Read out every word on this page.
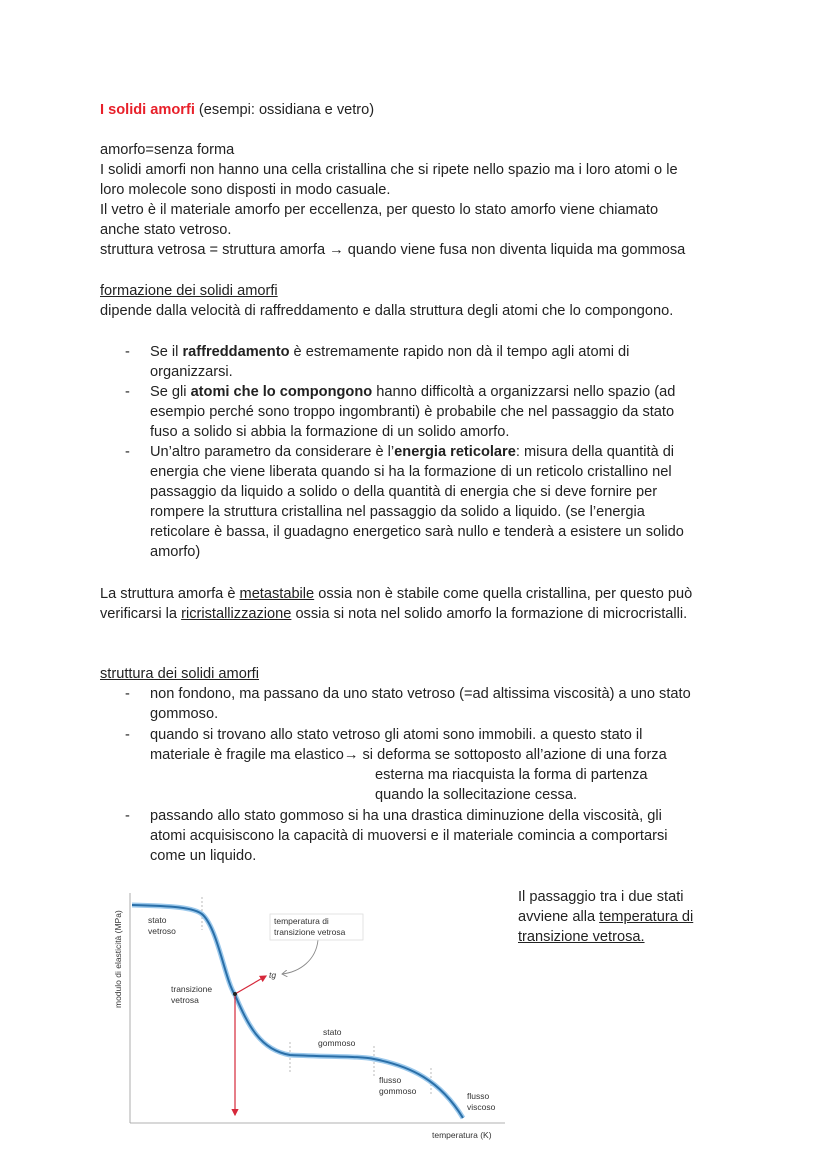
I solidi amorfi (esempi: ossidiana e vetro)
amorfo=senza forma
I solidi amorfi non hanno una cella cristallina che si ripete nello spazio ma i loro atomi o le
loro molecole sono disposti in modo casuale.
Il vetro è il materiale amorfo per eccellenza, per questo lo stato amorfo viene chiamato
anche stato vetroso.
struttura vetrosa = struttura amorfa → quando viene fusa non diventa liquida ma gommosa
formazione dei solidi amorfi
dipende dalla velocità di raffreddamento e dalla struttura degli atomi che lo compongono.
- Se il raffreddamento è estremamente rapido non dà il tempo agli atomi di
organizzarsi.
- Se gli atomi che lo compongono hanno difficoltà a organizzarsi nello spazio (ad
esempio perché sono troppo ingombranti) è probabile che nel passaggio da stato
fuso a solido si abbia la formazione di un solido amorfo.
- Un’altro parametro da considerare è l’energia reticolare: misura della quantità di
energia che viene liberata quando si ha la formazione di un reticolo cristallino nel
passaggio da liquido a solido o della quantità di energia che si deve fornire per
rompere la struttura cristallina nel passaggio da solido a liquido. (se l’energia
reticolare è bassa, il guadagno energetico sarà nullo e tenderà a esistere un solido
amorfo)
La struttura amorfa è metastabile ossia non è stabile come quella cristallina, per questo può
verificarsi la ricristallizzazione ossia si nota nel solido amorfo la formazione di microcristalli.
struttura dei solidi amorfi
- non fondono, ma passano da uno stato vetroso (=ad altissima viscosità) a uno stato
gommoso.
- quando si trovano allo stato vetroso gli atomi sono immobili. a questo stato il
materiale è fragile ma elastico→ si deforma se sottoposto all’azione di una forza
esterna ma riacquista la forma di partenza
quando la sollecitazione cessa.
- passando allo stato gommoso si ha una drastica diminuzione della viscosità, gli
atomi acquisiscono la capacità di muoversi e il materiale comincia a comportarsi
come un liquido.
Il passaggio tra i due stati
avviene alla temperatura di
transizione vetrosa.
stato
vetroso
temperatura di
transizione vetrosa
tg
transizione
vetrosa
stato
gommoso
flusso
gommoso	flusso
viscoso
temperatura (K)
modulo di elasticità (MPa)
